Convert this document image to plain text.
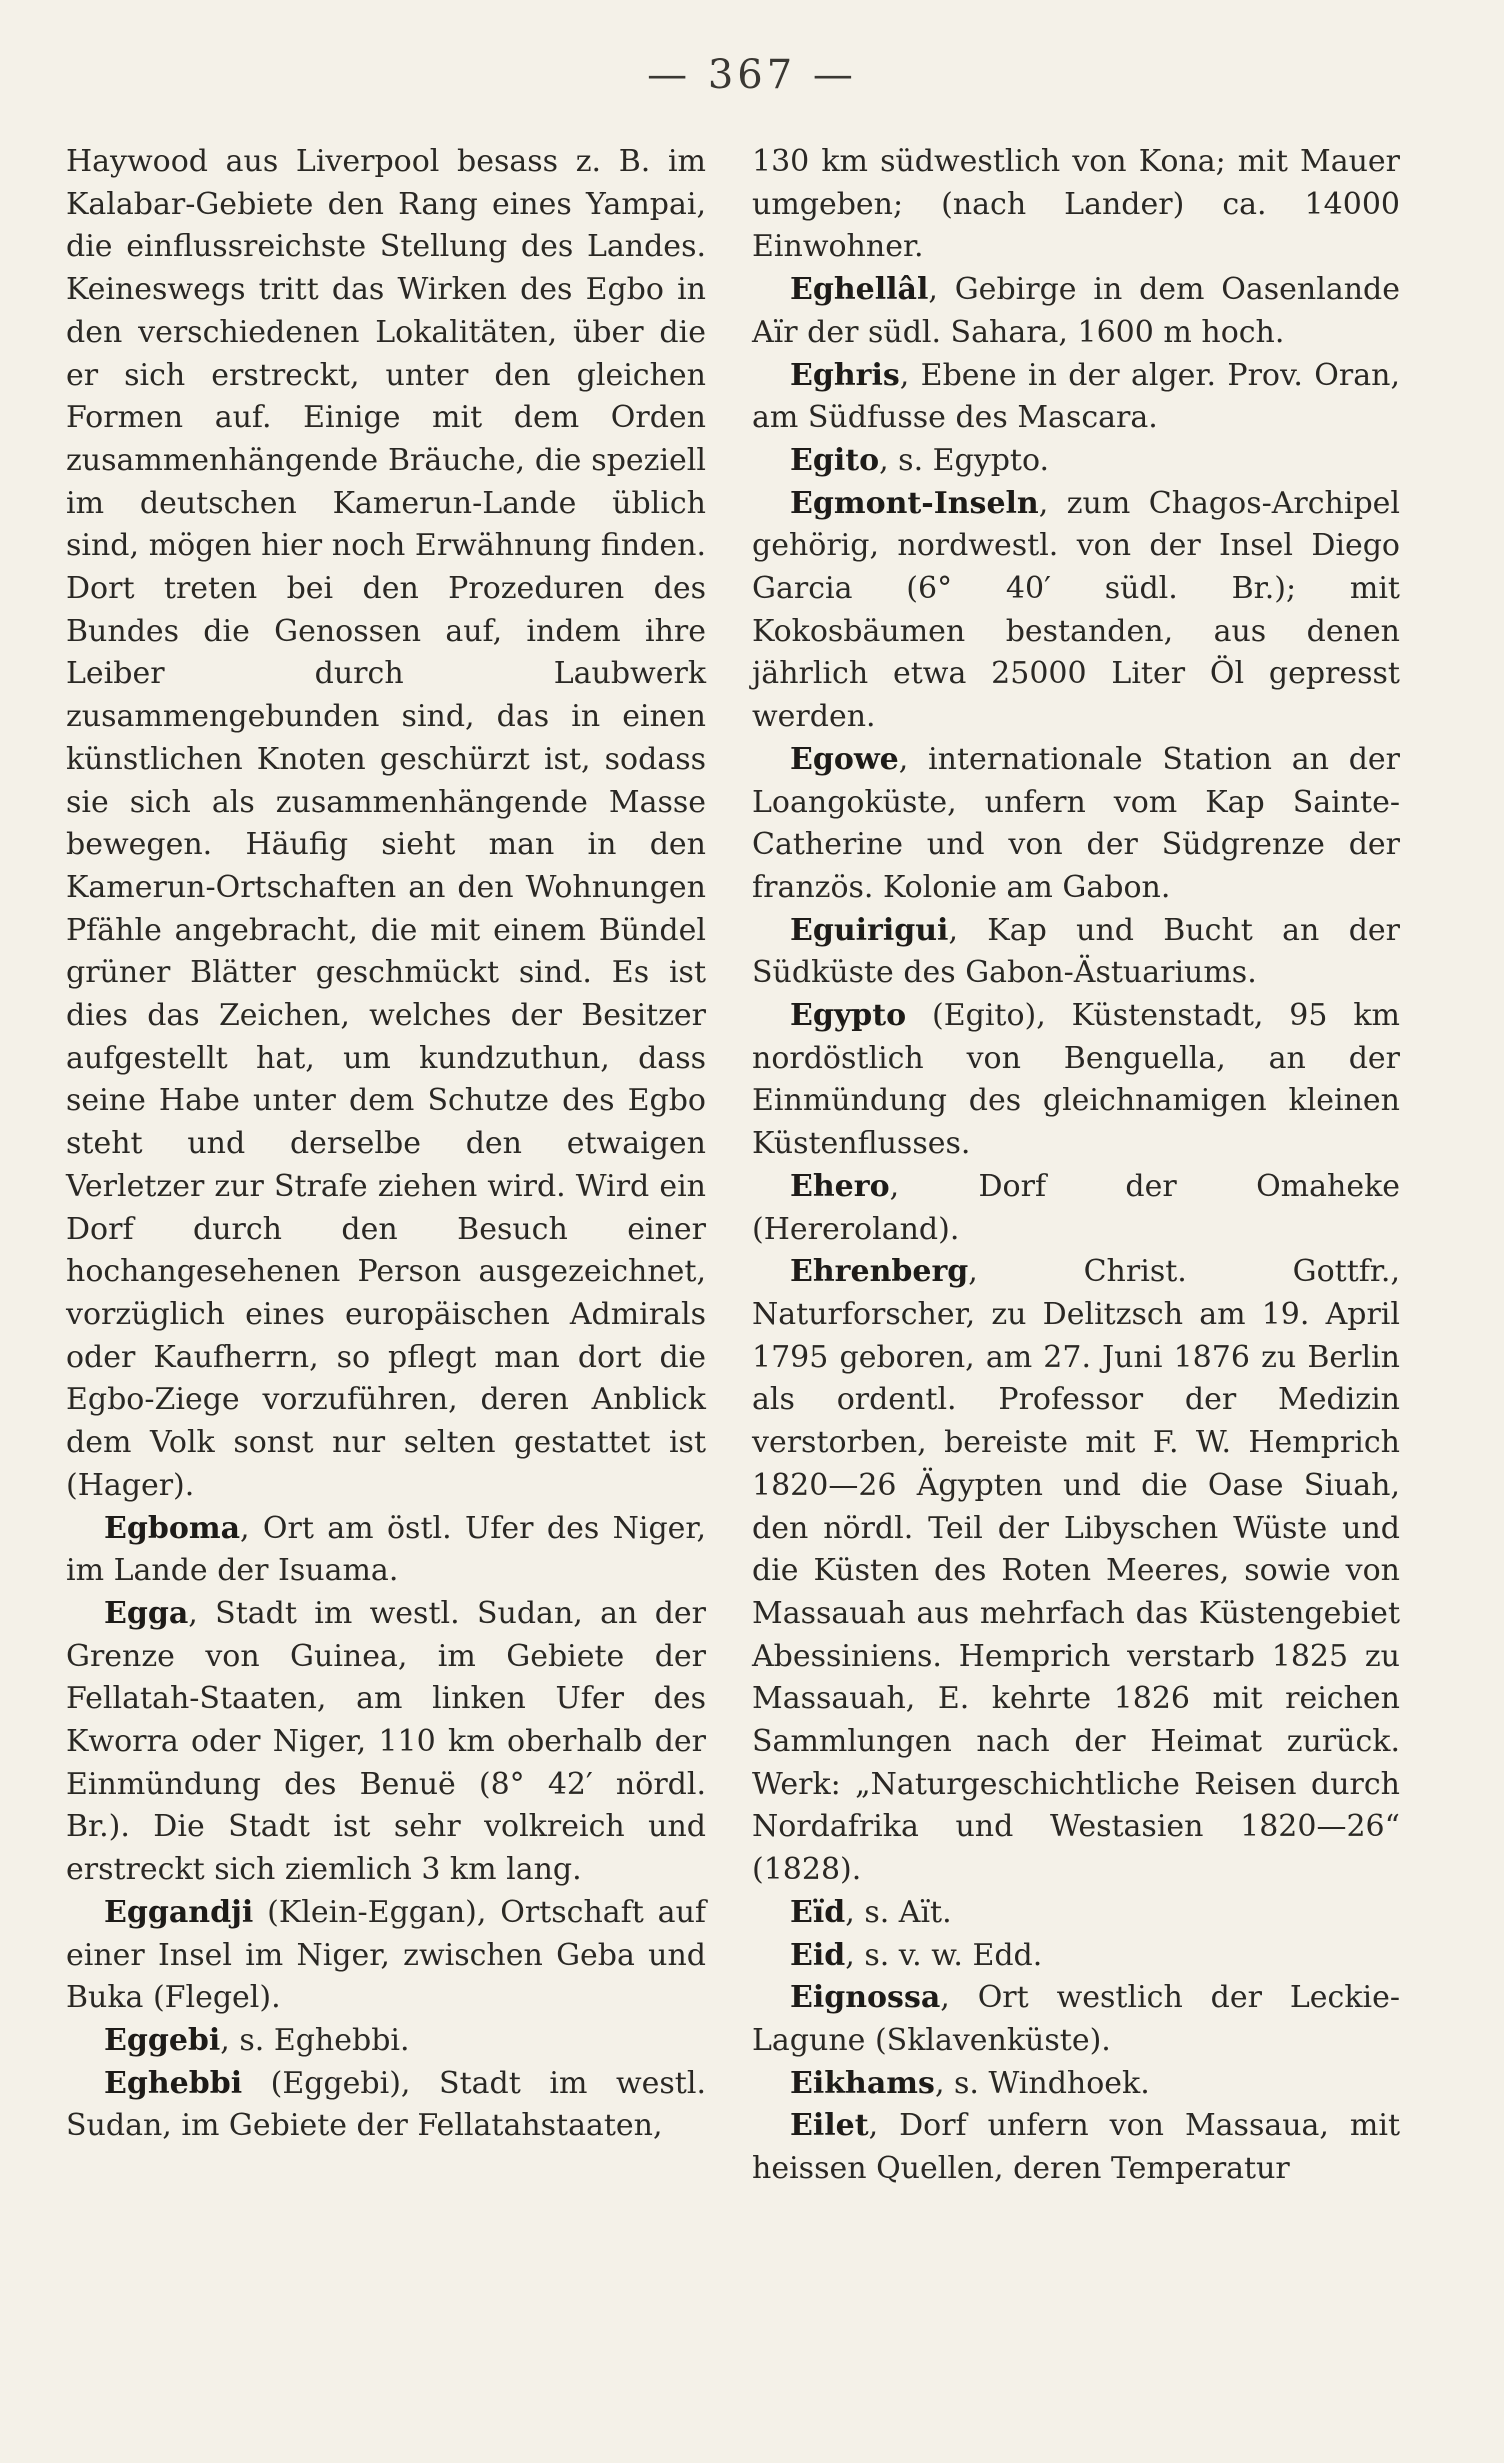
— 367 —

Haywood aus Liverpool besass z. B. im Kalabar-Gebiete den Rang eines Yampai, die einflussreichste Stellung des Landes. Keineswegs tritt das Wirken des Egbo in den verschiedenen Lokalitäten, über die er sich erstreckt, unter den gleichen Formen auf. Einige mit dem Orden zusammenhängende Bräuche, die speziell im deutschen Kamerun-Lande üblich sind, mögen hier noch Erwähnung finden. Dort treten bei den Prozeduren des Bundes die Genossen auf, indem ihre Leiber durch Laubwerk zusammengebunden sind, das in einen künstlichen Knoten geschürzt ist, sodass sie sich als zusammenhängende Masse bewegen. Häufig sieht man in den Kamerun-Ortschaften an den Wohnungen Pfähle angebracht, die mit einem Bündel grüner Blätter geschmückt sind. Es ist dies das Zeichen, welches der Besitzer aufgestellt hat, um kundzuthun, dass seine Habe unter dem Schutze des Egbo steht und derselbe den etwaigen Verletzer zur Strafe ziehen wird. Wird ein Dorf durch den Besuch einer hochangesehenen Person ausgezeichnet, vorzüglich eines europäischen Admirals oder Kaufherrn, so pflegt man dort die Egbo-Ziege vorzuführen, deren Anblick dem Volk sonst nur selten gestattet ist (Hager).

Egboma, Ort am östl. Ufer des Niger, im Lande der Isuama.

Egga, Stadt im westl. Sudan, an der Grenze von Guinea, im Gebiete der Fellatah-Staaten, am linken Ufer des Kworra oder Niger, 110 km oberhalb der Einmündung des Benuë (8° 42′ nördl. Br.). Die Stadt ist sehr volkreich und erstreckt sich ziemlich 3 km lang.

Eggandji (Klein-Eggan), Ortschaft auf einer Insel im Niger, zwischen Geba und Buka (Flegel).

Eggebi, s. Eghebbi.

Eghebbi (Eggebi), Stadt im westl. Sudan, im Gebiete der Fellatahstaaten,

130 km südwestlich von Kona; mit Mauer umgeben; (nach Lander) ca. 14000 Einwohner.

Eghellâl, Gebirge in dem Oasenlande Aïr der südl. Sahara, 1600 m hoch.

Eghris, Ebene in der alger. Prov. Oran, am Südfusse des Mascara.

Egito, s. Egypto.

Egmont-Inseln, zum Chagos-Archipel gehörig, nordwestl. von der Insel Diego Garcia (6° 40′ südl. Br.); mit Kokosbäumen bestanden, aus denen jährlich etwa 25000 Liter Öl gepresst werden.

Egowe, internationale Station an der Loangoküste, unfern vom Kap Sainte-Catherine und von der Südgrenze der französ. Kolonie am Gabon.

Eguirigui, Kap und Bucht an der Südküste des Gabon-Ästuariums.

Egypto (Egito), Küstenstadt, 95 km nordöstlich von Benguella, an der Einmündung des gleichnamigen kleinen Küstenflusses.

Ehero, Dorf der Omaheke (Hereroland).

Ehrenberg, Christ. Gottfr., Naturforscher, zu Delitzsch am 19. April 1795 geboren, am 27. Juni 1876 zu Berlin als ordentl. Professor der Medizin verstorben, bereiste mit F. W. Hemprich 1820—26 Ägypten und die Oase Siuah, den nördl. Teil der Libyschen Wüste und die Küsten des Roten Meeres, sowie von Massauah aus mehrfach das Küstengebiet Abessiniens. Hemprich verstarb 1825 zu Massauah, E. kehrte 1826 mit reichen Sammlungen nach der Heimat zurück. Werk: „Naturgeschichtliche Reisen durch Nordafrika und Westasien 1820—26“ (1828).

Eïd, s. Aït.

Eid, s. v. w. Edd.

Eignossa, Ort westlich der Leckie-Lagune (Sklavenküste).

Eikhams, s. Windhoek.

Eilet, Dorf unfern von Massaua, mit heissen Quellen, deren Temperatur
